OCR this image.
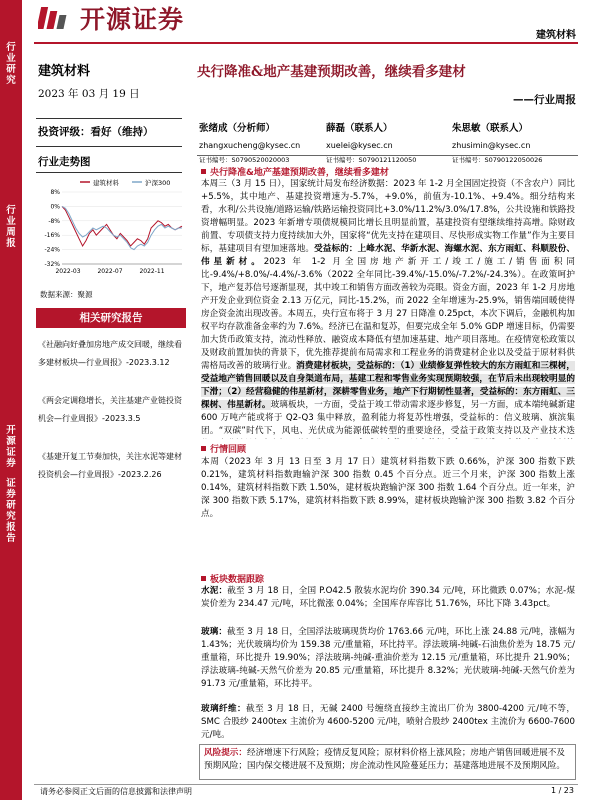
行业研究
行业周报
开源证券
证券研究报告
开源证券
建筑材料
建筑材料
2023 年 03 月 19 日
投资评级：看好（维持）
行业走势图
建筑材料	沪深300
8%
0%
-8%
-16%
-24%
-32%
2022-03	2022-07	2022-11
数据来源：聚源
相关研究报告
《社融向好叠加房地产成交回暖，继续看多建材板块—行业周报》-2023.3.12
《两会定调稳增长，关注基建产业链投资机会—行业周报》-2023.3.5
《基建开复工节奏加快，关注水泥等建材投资机会—行业周报》-2023.2.26
央行降准&地产基建预期改善，继续看多建材
——行业周报
张绪成（分析师）
zhangxucheng@kysec.cn
证书编号：S0790520020003
薛磊（联系人）
xuelei@kysec.cn
证书编号：S0790121120050
朱思敏（联系人）
zhusimin@kysec.cn
证书编号：S0790122050026
央行降准&地产基建预期改善，继续看多建材
本周三（3 月 15 日），国家统计局发布经济数据：2023 年 1-2 月全国固定投资（不含农户）同比+5.5%，其中地产、基建投资增速为-5.7%，+9.0%，前值为-10.1%、+9.4%。细分结构来看，水利/公共设施/道路运输/铁路运输投资同比+3.0%/11.2%/3.0%/17.8%，公共设施和铁路投资增幅明显。2023 年新增专项债规模同比增长且明显前置，基建投资有望继续维持高增。除财政前置、专项债支持力度持续加大外，国家将“优先支持在建项目、尽快形成实物工作量”作为主要目标，基建项目有望加速落地。受益标的：上峰水泥、华新水泥、海螺水泥、东方雨虹、科顺股份、伟星新材。2023 年 1-2 月全国房地产新开工/竣工/施工/销售面积同比-9.4%/+8.0%/-4.4%/-3.6%（2022 全年同比-39.4%/-15.0%/-7.2%/-24.3%）。在政策呵护下，地产复苏信号逐渐显现，其中竣工和销售方面改善较为亮眼。资金方面，2023 年 1-2 月房地产开发企业到位资金 2.13 万亿元，同比-15.2%，而 2022 全年增速为-25.9%，销售端回暖使得房企资金流出现改善。本周五，央行宣布将于 3 月 27 日降准 0.25pct，本次下调后，金融机构加权平均存款准备金率约为 7.6%。经济已在温和复苏，但要完成全年 5.0% GDP 增速目标，仍需要加大货币政策支持，流动性释放、融资成本降低有望加速基建、地产项目落地。在疫情宽松政策以及财政前置加快的背景下，优先推荐提前布局需求和工程业务的消费建材企业以及受益于原材料供需格局改善的玻璃行业。消费建材板块，受益标的：（1）业绩修复弹性较大的东方雨虹和三棵树，受益地产销售回暖以及自身渠道布局，基建工程和零售业务实现预期较强，在节后未出现较明显的下滑；（2）经营稳健的伟星新材，深耕零售业务，地产下行期韧性显著，受益标的：东方雨虹、三棵树、伟星新材。玻璃板块，一方面，受益于竣工带动需求逐步修复，另一方面，成本端纯碱新建 600 万吨产能或将于 Q2-Q3 集中释放，盈利能力将复苏性增强，受益标的：信义玻璃、旗滨集团。“双碳”时代下，风电、光伏成为能源低碳转型的重要途径，受益于政策支持以及产业技术迭
行情回顾
本周（2023 年 3 月 13 日至 3 月 17 日）建筑材料指数下跌 0.66%，沪深 300 指数下跌 0.21%，建筑材料指数跑输沪深 300 指数 0.45 个百分点。近三个月来，沪深 300 指数上涨 0.14%，建筑材料指数下跌 1.50%，建材板块跑输沪深 300 指数 1.64 个百分点。近一年来，沪深 300 指数下跌 5.17%，建筑材料指数下跌 8.99%，建材板块跑输沪深 300 指数 3.82 个百分点。
板块数据跟踪
水泥：截至 3 月 18 日，全国 P.O42.5 散装水泥均价 390.34 元/吨，环比微跌 0.07%；水泥-煤炭价差为 234.47 元/吨，环比微涨 0.04%；全国库存库容比 51.76%，环比下降 3.43pct。
玻璃：截至 3 月 18 日，全国浮法玻璃现货均价 1763.66 元/吨，环比上涨 24.88 元/吨，涨幅为 1.43%；光伏玻璃均价为 159.38 元/重量箱，环比持平。浮法玻璃-纯碱-石油焦价差为 18.75 元/重量箱，环比提升 19.90%；浮法玻璃-纯碱-重油价差为 12.15 元/重量箱，环比提升 21.90%；浮法玻璃-纯碱-天然气价差为 20.85 元/重量箱，环比提升 8.32%；光伏玻璃-纯碱-天然气价差为 91.73 元/重量箱，环比持平。
玻璃纤维：截至 3 月 18 日，无碱 2400 号缠绕直接纱主流出厂价为 3800-4200 元/吨不等，SMC 合股纱 2400tex 主流价为 4600-5200 元/吨，喷射合股纱 2400tex 主流价为 6600-7600 元/吨。
风险提示：经济增速下行风险；疫情反复风险；原材料价格上涨风险；房地产销售回暖进展不及预期风险；国内保交楼进展不及预期；房企流动性风险蔓延压力；基建落地进展不及预期风险。
请务必参阅正文后面的信息披露和法律声明	1 / 23
